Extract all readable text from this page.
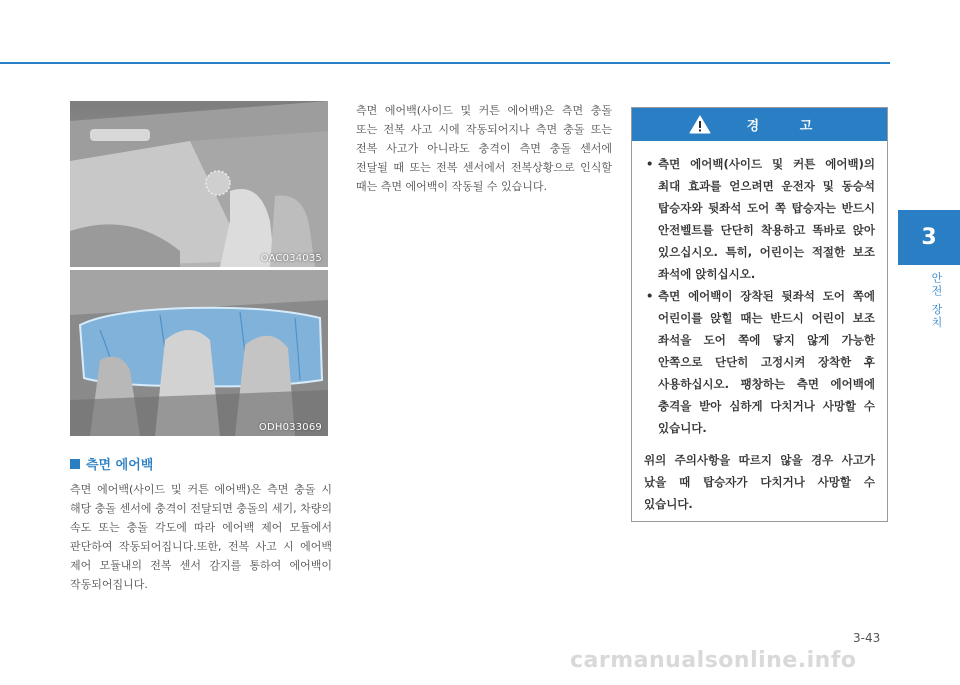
OAC034035
ODH033069
측면 에어백
측면 에어백(사이드 및 커튼 에어백)은 측면 충돌 시 해당 충돌 센서에 충격이 전달되면 충돌의 세기, 차량의 속도 또는 충돌 각도에 따라 에어백 제어 모듈에서 판단하여 작동되어집니다.또한, 전복 사고 시 에어백 제어 모듈내의 전복 센서 감지를 통하여 에어백이 작동되어집니다.
측면 에어백(사이드 및 커튼 에어백)은 측면 충돌 또는 전복 사고 시에 작동되어지나 측면 충돌 또는 전복 사고가 아니라도 충격이 측면 충돌 센서에 전달될 때 또는 전복 센서에서 전복상황으로 인식할 때는 측면 에어백이 작동될 수 있습니다.
경 고
• 측면 에어백(사이드 및 커튼 에어백)의 최대 효과를 얻으려면 운전자 및 동승석 탑승자와 뒷좌석 도어 쪽 탑승자는 반드시 안전벨트를 단단히 착용하고 똑바로 앉아 있으십시오. 특히, 어린이는 적절한 보조 좌석에 앉히십시오.
• 측면 에어백이 장착된 뒷좌석 도어 쪽에 어린이를 앉힐 때는 반드시 어린이 보조 좌석을 도어 쪽에 닿지 않게 가능한 안쪽으로 단단히 고정시켜 장착한 후 사용하십시오. 팽창하는 측면 에어백에 충격을 받아 심하게 다치거나 사망할 수 있습니다.
위의 주의사항을 따르지 않을 경우 사고가 났을 때 탑승자가 다치거나 사망할 수 있습니다.
3
안전 장치
3-43
carmanualsonline.info
